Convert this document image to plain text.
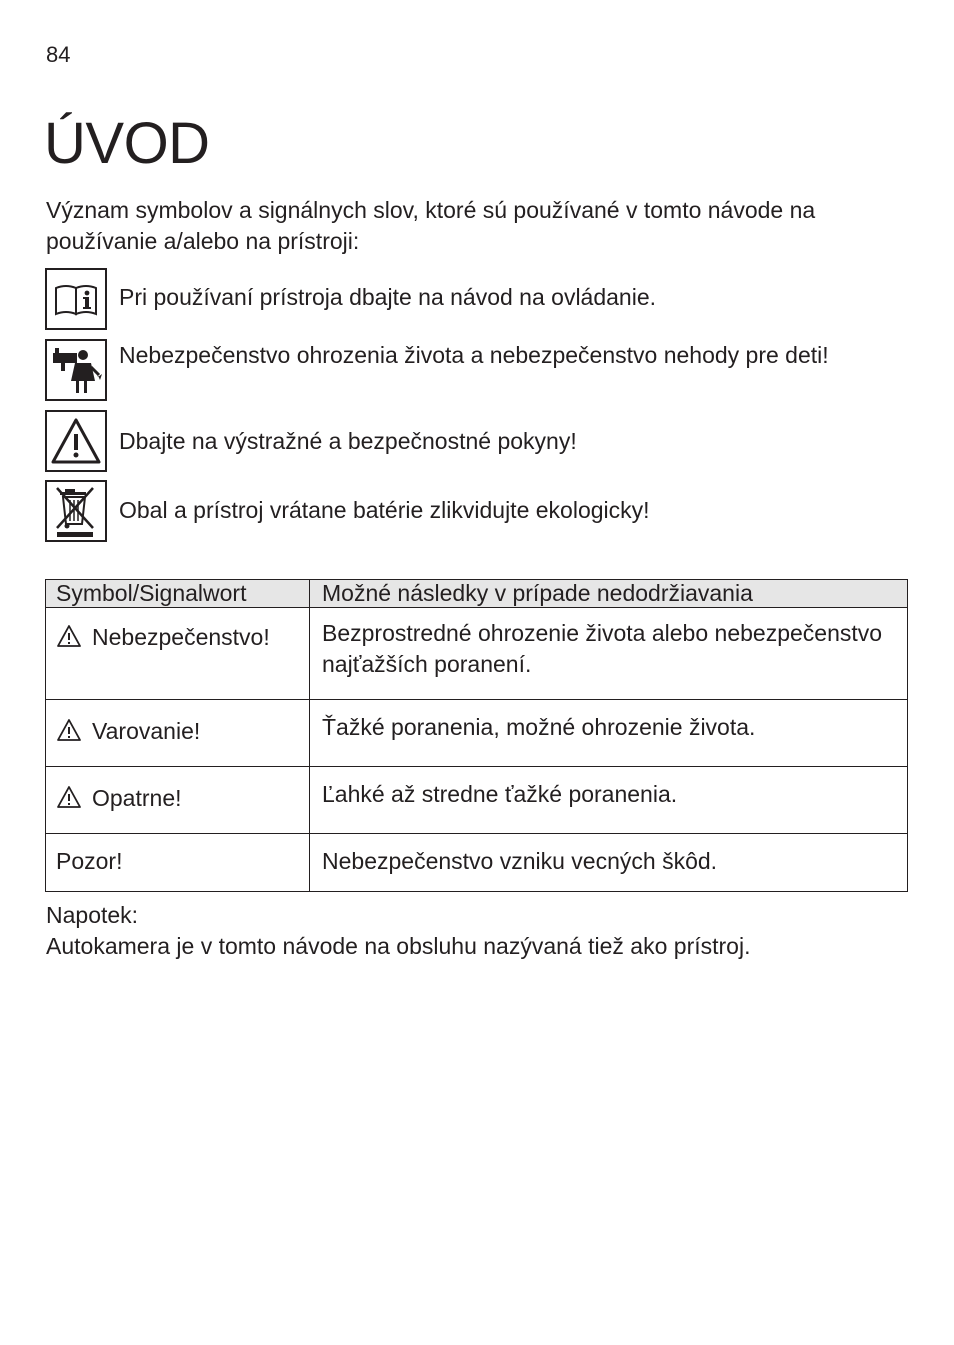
84
ÚVOD

Význam symbolov a signálnych slov, ktoré sú používané v tomto návode na používanie a/alebo na prístroji:

Pri používaní prístroja dbajte na návod na ovládanie.
Nebezpečenstvo ohrozenia života a nebezpečenstvo nehody pre deti!
Dbajte na výstražné a bezpečnostné pokyny!
Obal a prístroj vrátane batérie zlikvidujte ekologicky!
Symbol/Signalwort	Možné následky v prípade nedodržiavania

Nebezpečenstvo!	Bezprostredné ohrozenie života alebo nebezpečenstvo najťažších poranení.

Varovanie!	Ťažké poranenia, možné ohrozenie života.

Opatrne!	Ľahké až stredne ťažké poranenia.
Pozor!	Nebezpečenstvo vzniku vecných škôd.
Napotek:
Autokamera je v tomto návode na obsluhu nazývaná tiež ako prístroj.
